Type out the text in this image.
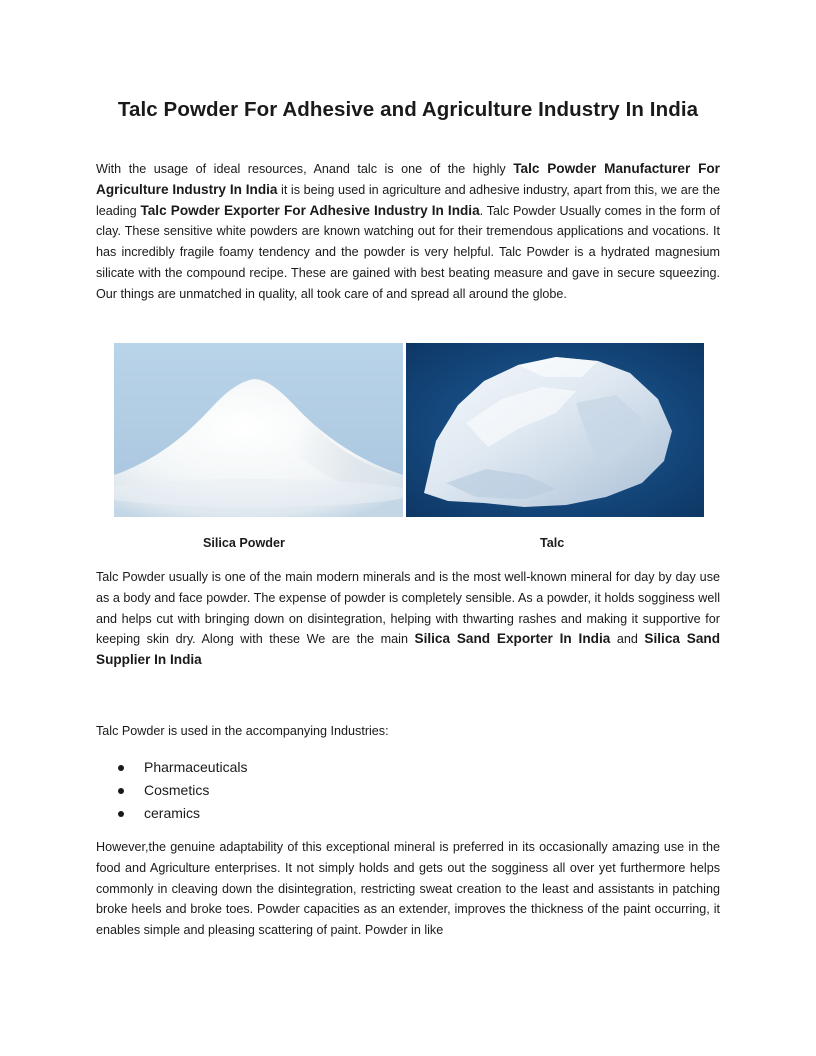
Talc Powder For Adhesive and Agriculture Industry In India

With the usage of ideal resources, Anand talc is one of the highly Talc Powder Manufacturer For Agriculture Industry In India it is being used in agriculture and adhesive industry, apart from this, we are the leading Talc Powder Exporter For Adhesive Industry In India. Talc Powder Usually comes in the form of clay. These sensitive white powders are known watching out for their tremendous applications and vocations. It has incredibly fragile foamy tendency and the powder is very helpful. Talc Powder is a hydrated magnesium silicate with the compound recipe. These are gained with best beating measure and gave in secure squeezing. Our things are unmatched in quality, all took care of and spread all around the globe.

Silica Powder	Talc

Talc Powder usually is one of the main modern minerals and is the most well-known mineral for day by day use as a body and face powder. The expense of powder is completely sensible. As a powder, it holds sogginess well and helps cut with bringing down on disintegration, helping with thwarting rashes and making it supportive for keeping skin dry. Along with these We are the main Silica Sand Exporter In India and Silica Sand Supplier In India

Talc Powder is used in the accompanying Industries:

Pharmaceuticals
Cosmetics
ceramics

However,the genuine adaptability of this exceptional mineral is preferred in its occasionally amazing use in the food and Agriculture enterprises. It not simply holds and gets out the sogginess all over yet furthermore helps commonly in cleaving down the disintegration, restricting sweat creation to the least and assistants in patching broke heels and broke toes. Powder capacities as an extender, improves the thickness of the paint occurring, it enables simple and pleasing scattering of paint. Powder in like
